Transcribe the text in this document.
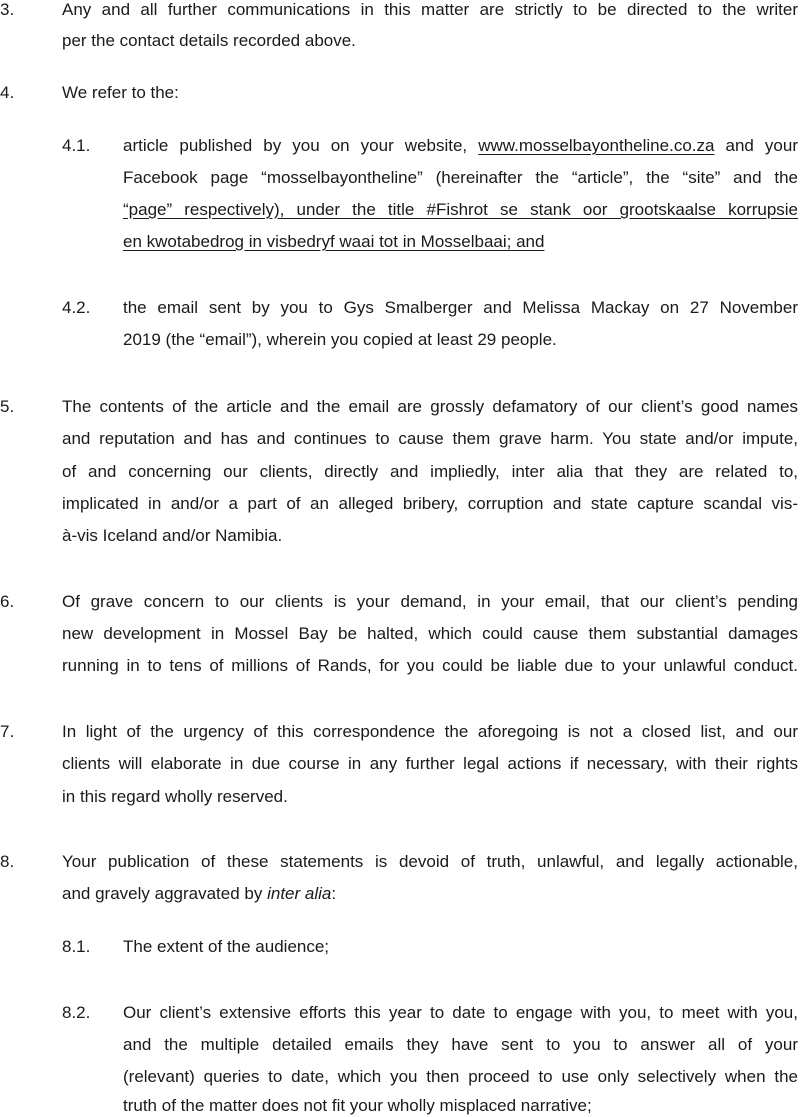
3.	Any and all further communications in this matter are strictly to be directed to the writer

per the contact details recorded above.

4.	We refer to the:

4.1. article published by you on your website, www.mosselbayontheline.co.za and your

Facebook page “mosselbayontheline” (hereinafter the “article”, the “site” and the

“page” respectively), under the title #Fishrot se stank oor grootskaalse korrupsie

en kwotabedrog in visbedryf waai tot in Mosselbaai; and

4.2. the email sent by you to Gys Smalberger and Melissa Mackay on 27 November

2019 (the “email”), wherein you copied at least 29 people.

5.	The contents of the article and the email are grossly defamatory of our client’s good names

and reputation and has and continues to cause them grave harm. You state and/or impute,

of and concerning our clients, directly and impliedly, inter alia that they are related to,

implicated in and/or a part of an alleged bribery, corruption and state capture scandal vis-

à-vis Iceland and/or Namibia.

6.	Of grave concern to our clients is your demand, in your email, that our client’s pending

new development in Mossel Bay be halted, which could cause them substantial damages

running in to tens of millions of Rands, for you could be liable due to your unlawful conduct.

7.	In light of the urgency of this correspondence the aforegoing is not a closed list, and our

clients will elaborate in due course in any further legal actions if necessary, with their rights

in this regard wholly reserved.

8.	Your publication of these statements is devoid of truth, unlawful, and legally actionable,

and gravely aggravated by inter alia:

8.1. The extent of the audience;

8.2. Our client’s extensive efforts this year to date to engage with you, to meet with you,

and the multiple detailed emails they have sent to you to answer all of your

(relevant) queries to date, which you then proceed to use only selectively when the

truth of the matter does not fit your wholly misplaced narrative;
